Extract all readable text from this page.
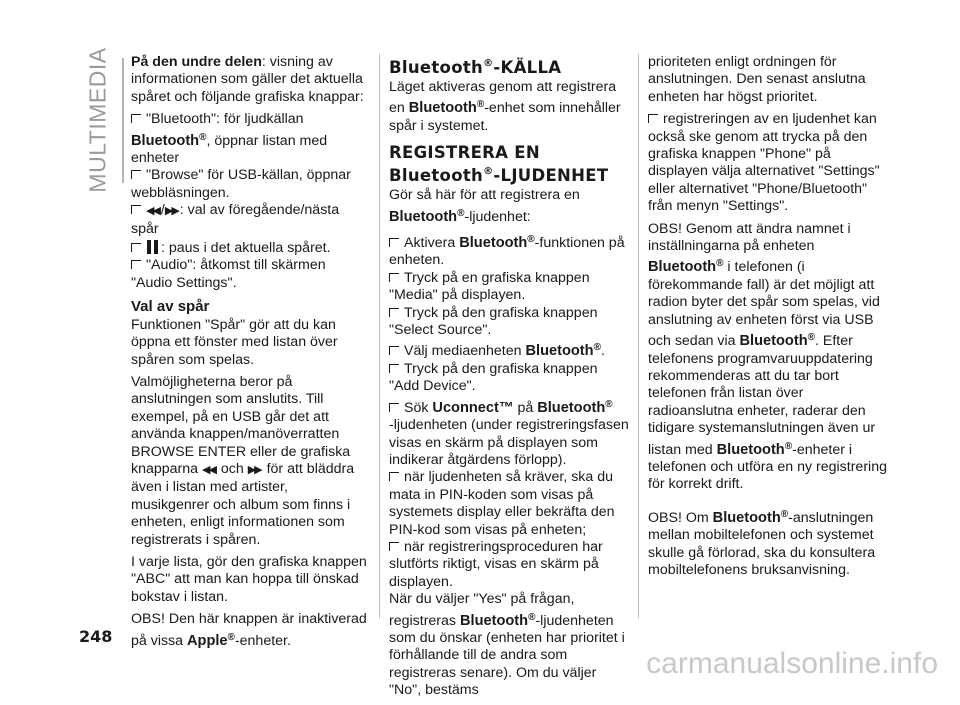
MULTIMEDIA På den undre delen: visning av informationen som gäller det aktuella spåret och följande grafiska knappar:

"Bluetooth": för ljudkällan
Bluetooth®, öppnar listan med enheter

"Browse" för USB-källan, öppnar webbläsningen.

◀◀ /▶▶ : val av föregående/nästa spår

: paus i det aktuella spåret.

"Audio": åtkomst till skärmen "Audio Settings".

Val av spår

Funktionen "Spår" gör att du kan öppna ett fönster med listan över spåren som spelas.

Valmöjligheterna beror på anslutningen som anslutits. Till exempel, på en USB går det att använda knappen/manöverratten BROWSE ENTER eller de grafiska knapparna ◀◀ och ▶▶ för att bläddra även i listan med artister, musikgenrer och album som finns i enheten, enligt informationen som registrerats i spåren.

I varje lista, gör den grafiska knappen "ABC" att man kan hoppa till önskad bokstav i listan.

OBS! Den här knappen är inaktiverad på vissa Apple®-enheter.

Bluetooth®-KÄLLA

Läget aktiveras genom att registrera en Bluetooth®-enhet som innehåller spår i systemet.

REGISTRERA EN
Bluetooth®-LJUDENHET

Gör så här för att registrera en Bluetooth®-ljudenhet:

Aktivera Bluetooth®-funktionen på enheten.

Tryck på en grafiska knappen "Media" på displayen.

Tryck på den grafiska knappen "Select Source".

Välj mediaenheten Bluetooth®.

Tryck på den grafiska knappen "Add Device".

Sök Uconnect™ på Bluetooth®
-ljudenheten (under registreringsfasen visas en skärm på displayen som indikerar åtgärdens förlopp).

när ljudenheten så kräver, ska du mata in PIN-koden som visas på systemets display eller bekräfta den PIN-kod som visas på enheten;

när registreringsproceduren har slutförts riktigt, visas en skärm på displayen.

När du väljer "Yes" på frågan, registreras Bluetooth®-ljudenheten som du önskar (enheten har prioritet i förhållande till de andra som registreras senare). Om du väljer "No", bestäms

prioriteten enligt ordningen för anslutningen. Den senast anslutna enheten har högst prioritet.

registreringen av en ljudenhet kan också ske genom att trycka på den grafiska knappen "Phone" på displayen välja alternativet "Settings" eller alternativet "Phone/Bluetooth" från menyn "Settings".

OBS! Genom att ändra namnet i inställningarna på enheten Bluetooth® i telefonen (i förekommande fall) är det möjligt att radion byter det spår som spelas, vid anslutning av enheten först via USB och sedan via Bluetooth®. Efter telefonens programvaruuppdatering rekommenderas att du tar bort telefonen från listan över radioanslutna enheter, raderar den tidigare systemanslutningen även ur listan med Bluetooth®-enheter i telefonen och utföra en ny registrering för korrekt drift.

OBS! Om Bluetooth®-anslutningen mellan mobiltelefonen och systemet skulle gå förlorad, ska du konsultera mobiltelefonens bruksanvisning.

248
carmanualsonline.info
